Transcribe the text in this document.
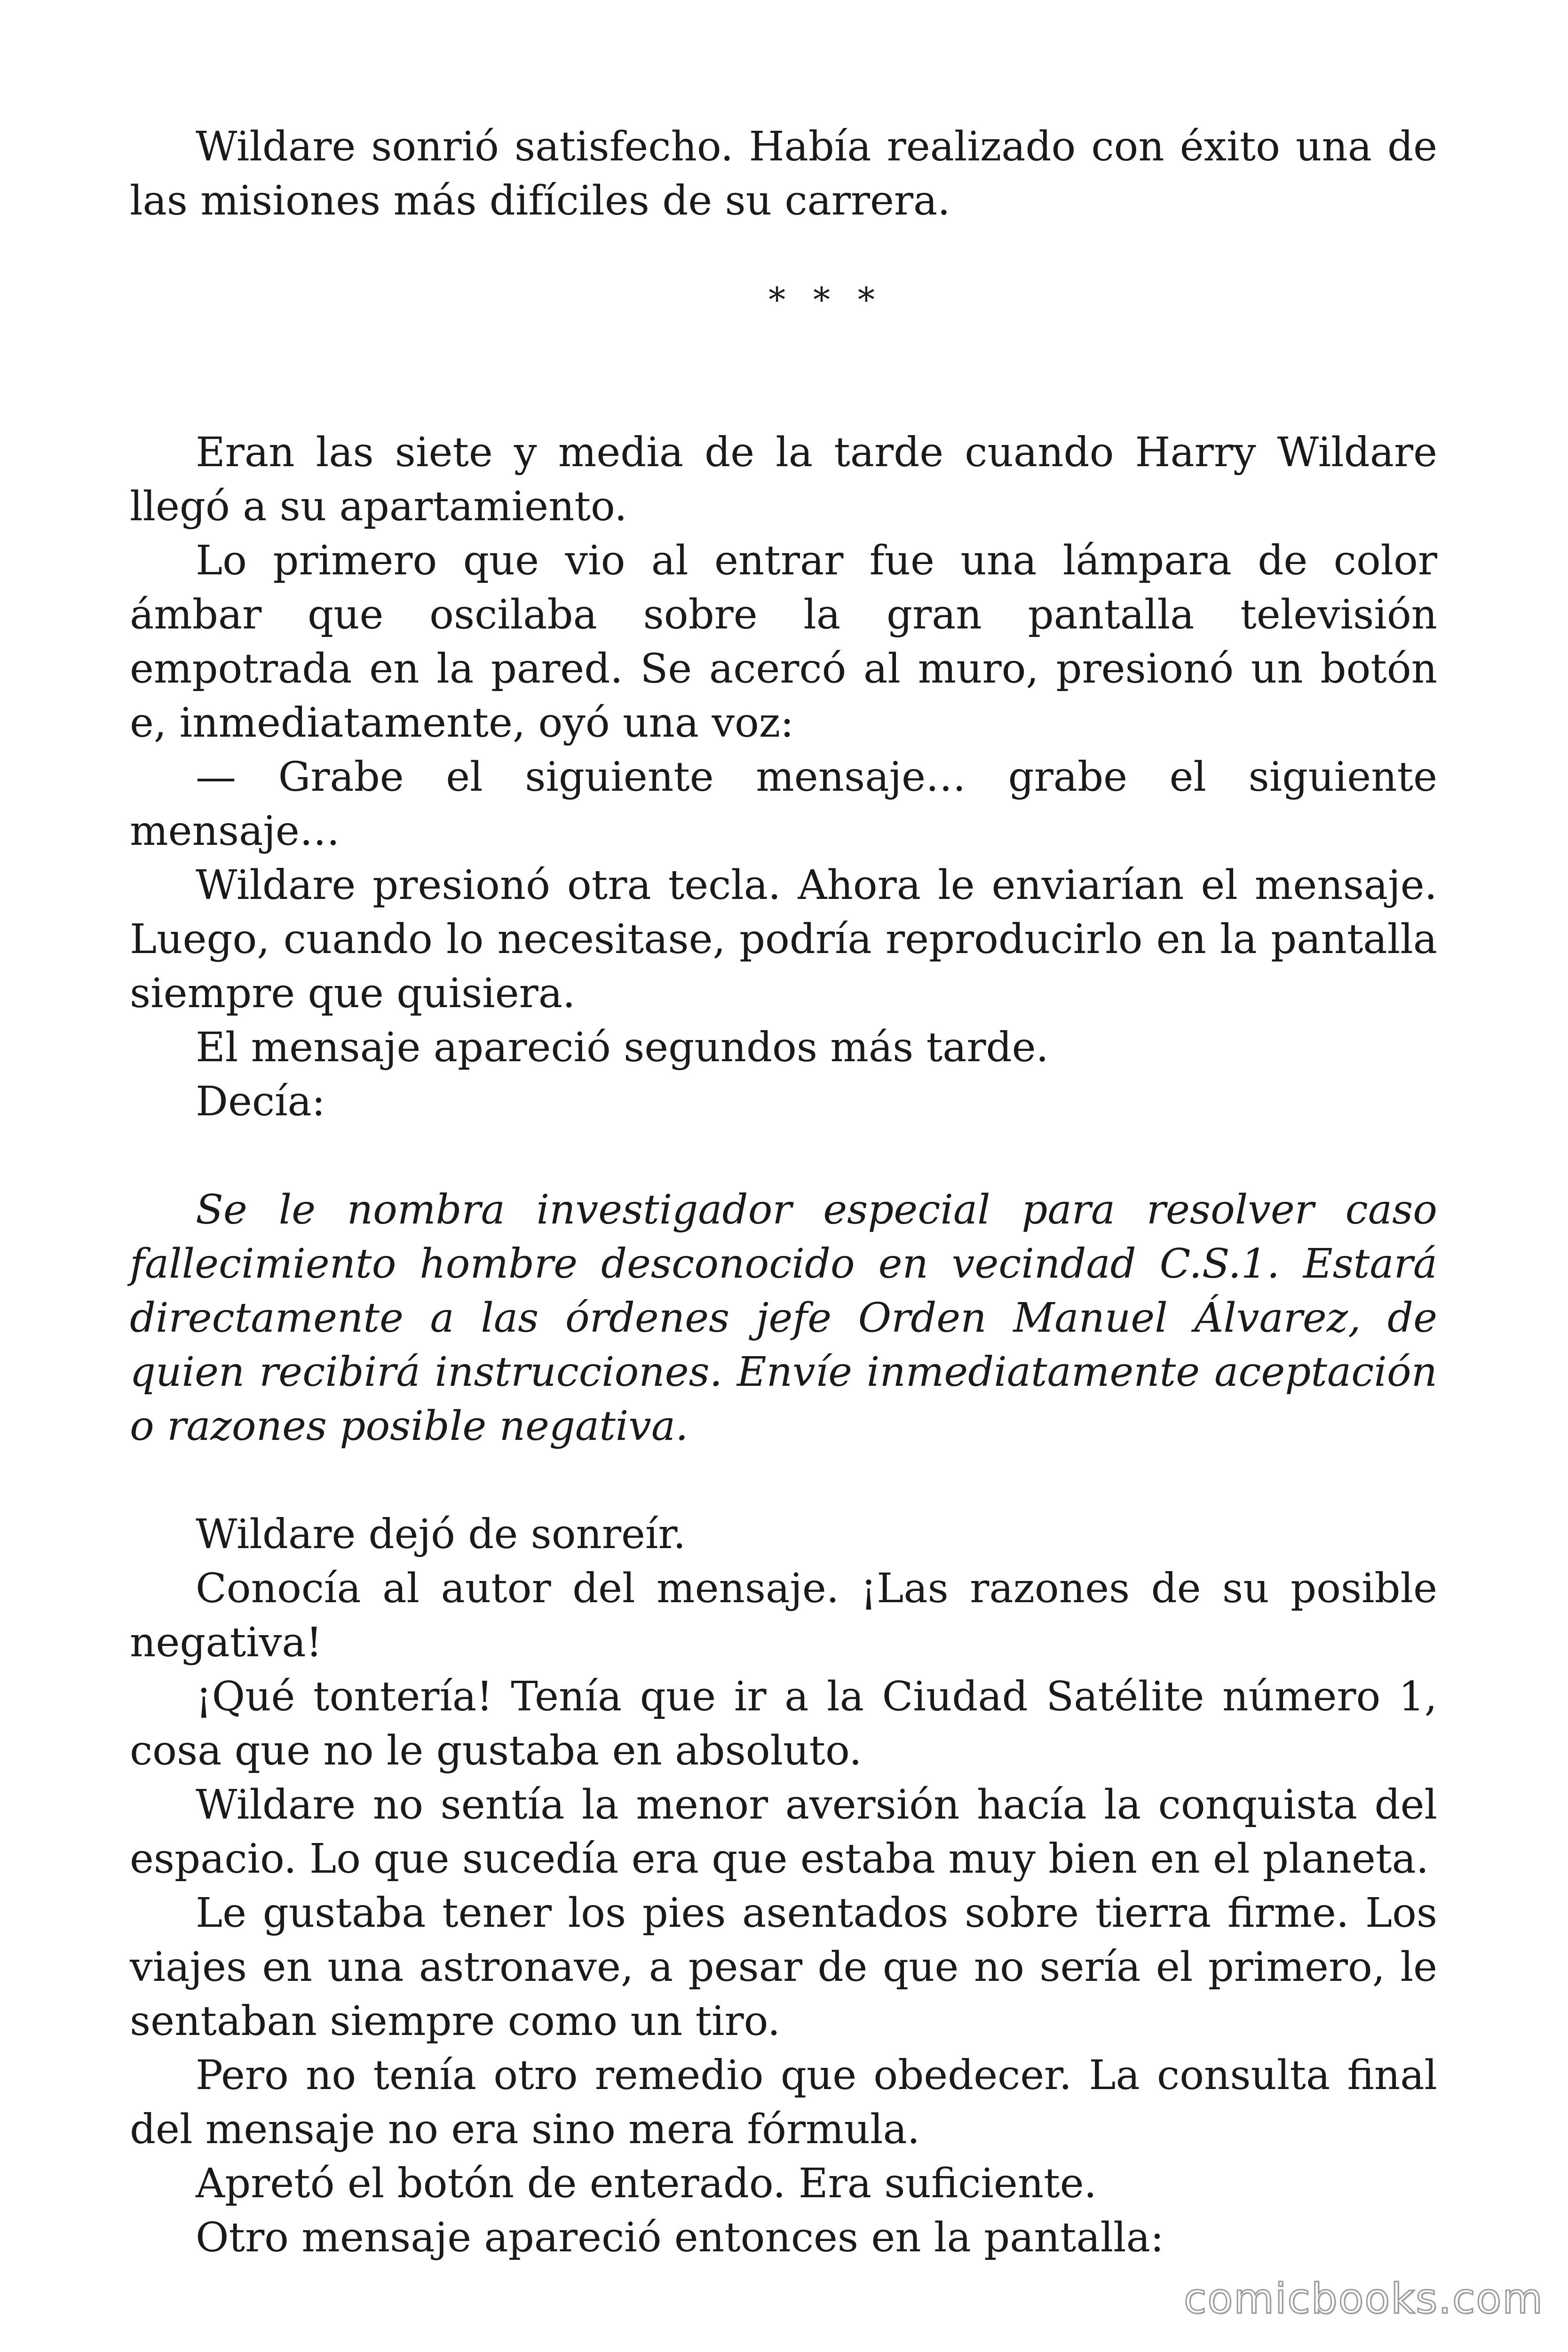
Wildare sonrió satisfecho. Había realizado con éxito una de las misiones más difíciles de su carrera.

* * *

Eran las siete y media de la tarde cuando Harry Wildare llegó a su apartamiento.

Lo primero que vio al entrar fue una lámpara de color ámbar que oscilaba sobre la gran pantalla televisión empotrada en la pared. Se acercó al muro, presionó un botón e, inmediatamente, oyó una voz:

— Grabe el siguiente mensaje… grabe el siguiente mensaje…

Wildare presionó otra tecla. Ahora le enviarían el mensaje. Luego, cuando lo necesitase, podría reproducirlo en la pantalla siempre que quisiera.

El mensaje apareció segundos más tarde.

Decía:

Se le nombra investigador especial para resolver caso fallecimiento hombre desconocido en vecindad C.S.1. Estará directamente a las órdenes jefe Orden Manuel Álvarez, de quien recibirá instrucciones. Envíe inmediatamente aceptación o razones posible negativa.

Wildare dejó de sonreír.

Conocía al autor del mensaje. ¡Las razones de su posible negativa!

¡Qué tontería! Tenía que ir a la Ciudad Satélite número 1, cosa que no le gustaba en absoluto.

Wildare no sentía la menor aversión hacía la conquista del espacio. Lo que sucedía era que estaba muy bien en el planeta.

Le gustaba tener los pies asentados sobre tierra firme. Los viajes en una astronave, a pesar de que no sería el primero, le sentaban siempre como un tiro.

Pero no tenía otro remedio que obedecer. La consulta final del mensaje no era sino mera fórmula.

Apretó el botón de enterado. Era suficiente.

Otro mensaje apareció entonces en la pantalla:

comicbooks.com
